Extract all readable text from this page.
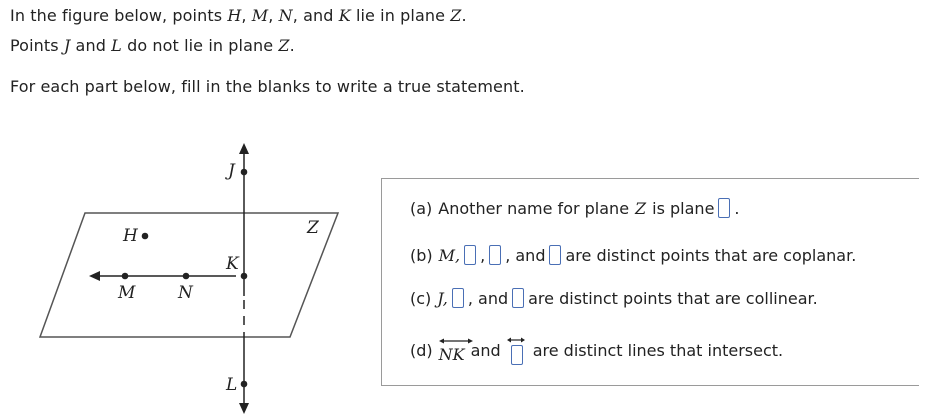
In the figure below, points H, M, N, and K lie in plane Z.
Points J and L do not lie in plane Z.
For each part below, fill in the blanks to write a true statement.
J
H	Z
K
M	N
L
(a) Another name for plane Z is plane .
(b) M, , , and are distinct points that are coplanar.
(c) J, , and are distinct points that are collinear.
(d) NK and are distinct lines that intersect.
